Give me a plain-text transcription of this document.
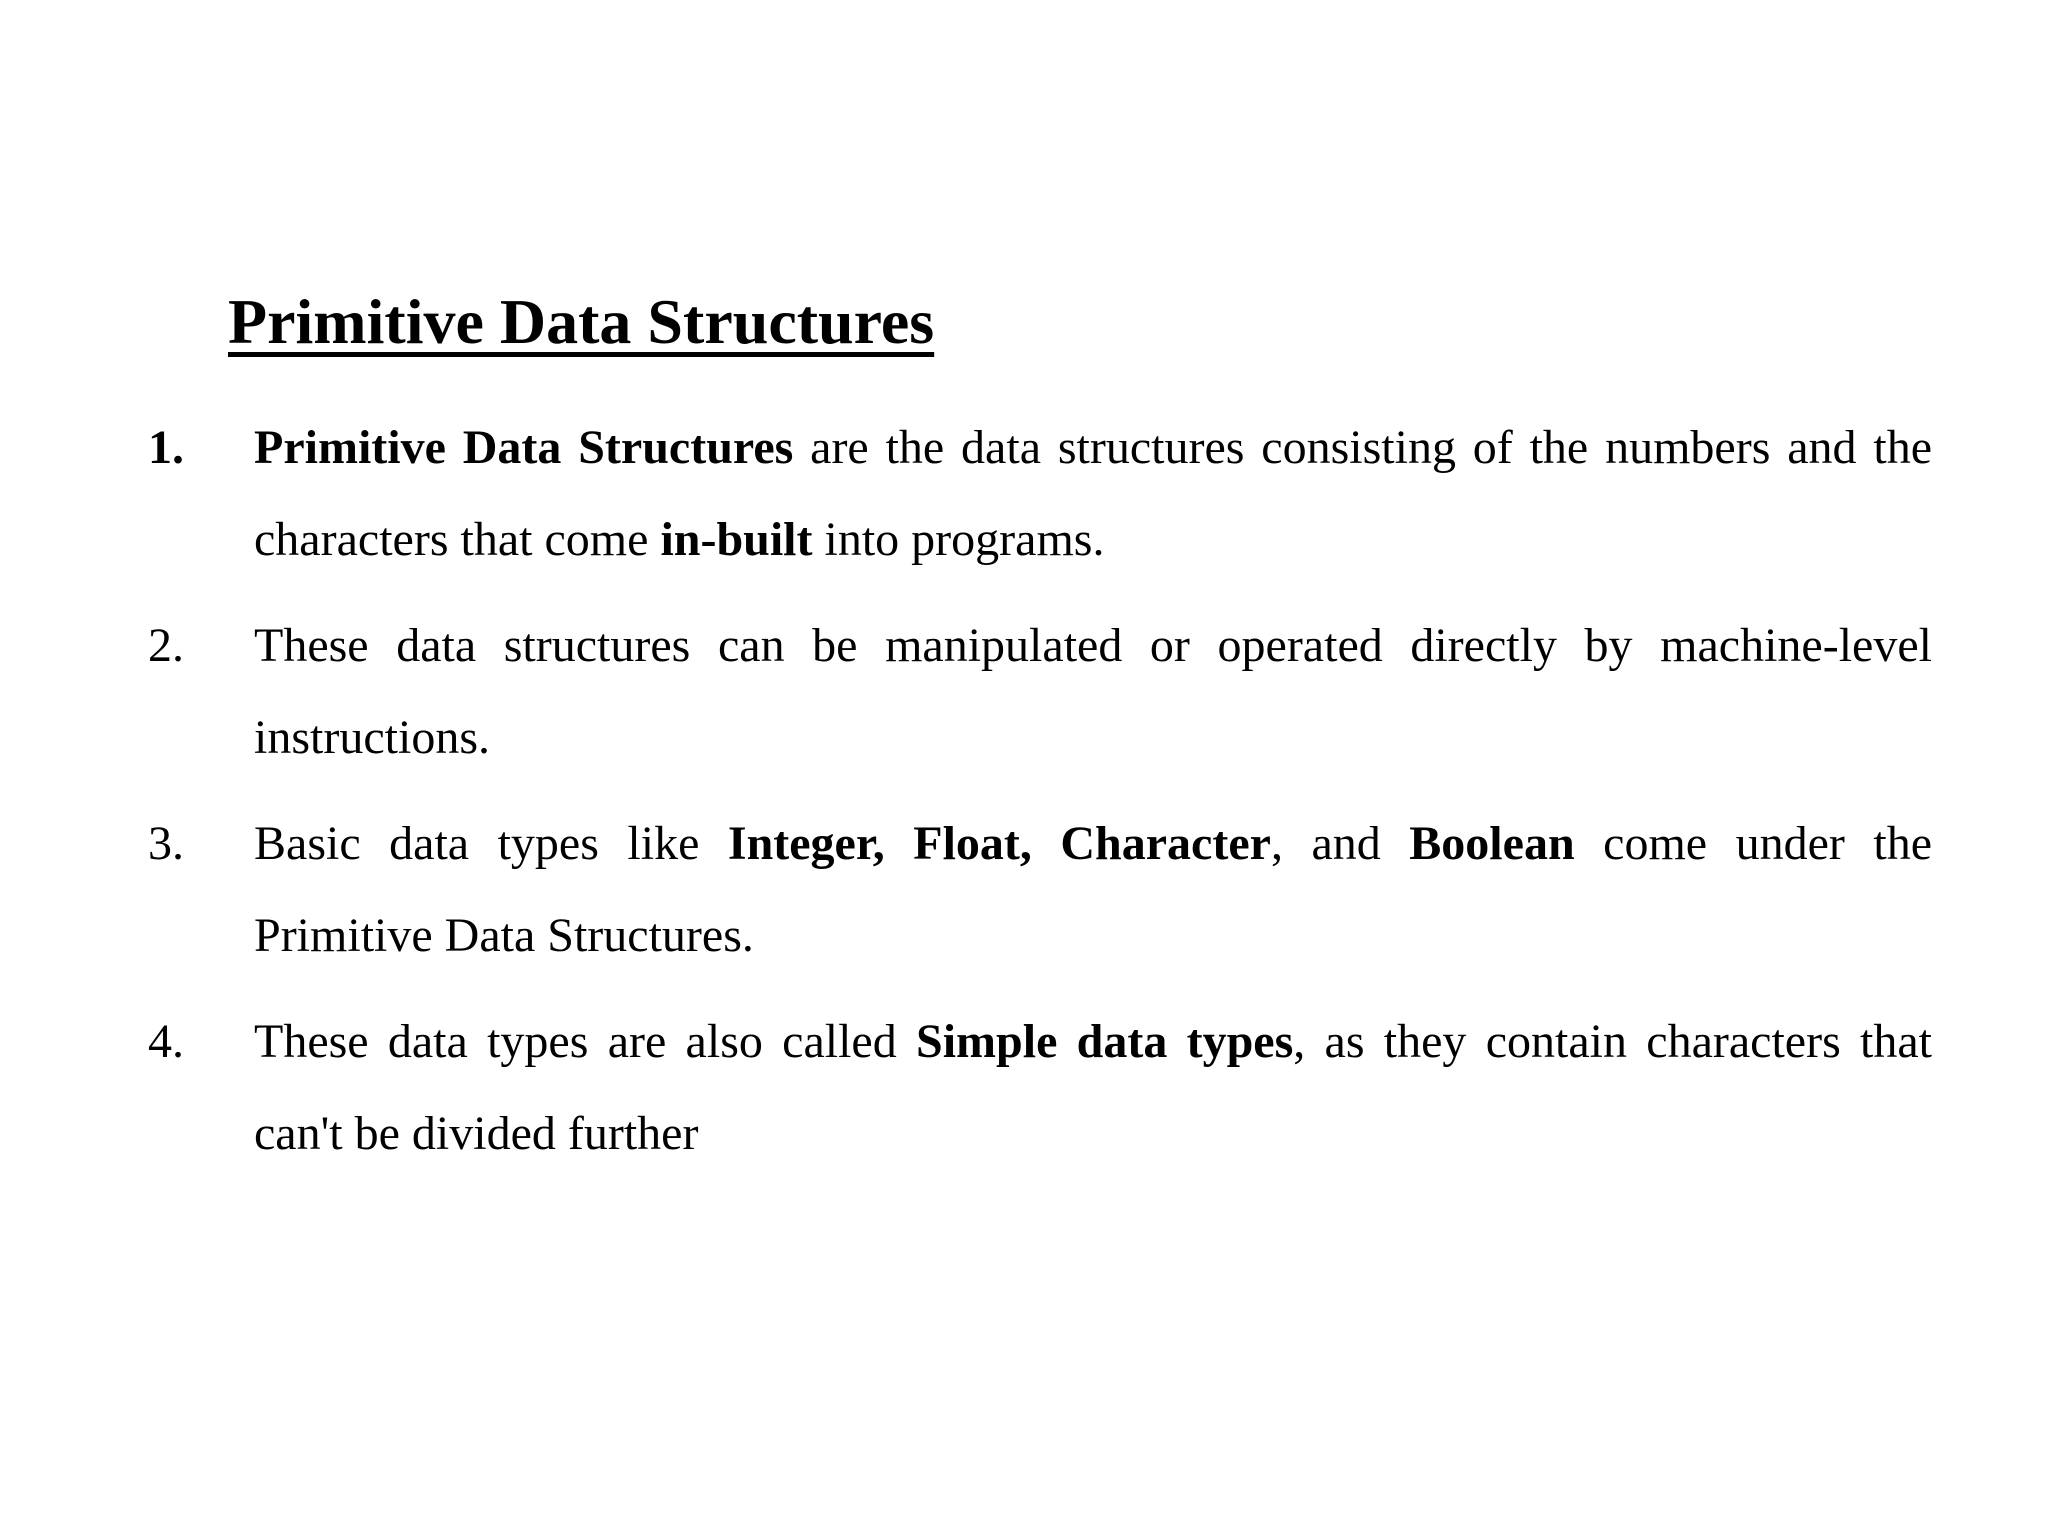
Primitive Data Structures
1. Primitive Data Structures are the data structures consisting of the numbers and the characters that come in-built into programs.
2. These data structures can be manipulated or operated directly by machine-level instructions.
3. Basic data types like Integer, Float, Character, and Boolean come under the Primitive Data Structures.
4. These data types are also called Simple data types, as they contain characters that can't be divided further
